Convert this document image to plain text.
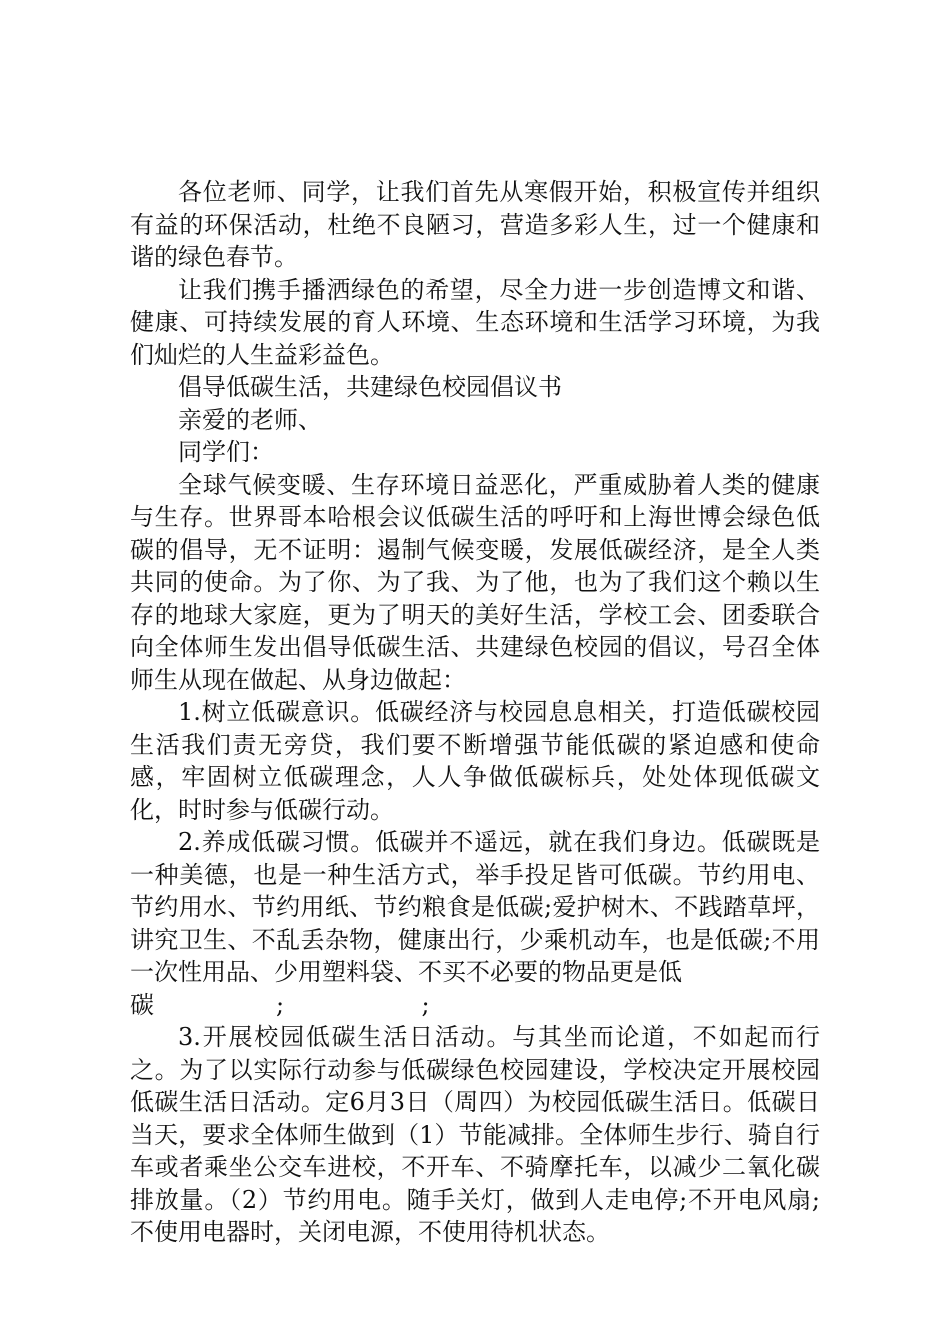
各位老师、同学，让我们首先从寒假开始，积极宣传并组织有益的环保活动，杜绝不良陋习，营造多彩人生，过一个健康和谐的绿色春节。

让我们携手播洒绿色的希望，尽全力进一步创造博文和谐、健康、可持续发展的育人环境、生态环境和生活学习环境，为我们灿烂的人生益彩益色。

倡导低碳生活，共建绿色校园倡议书

亲爱的老师、

同学们：

全球气候变暖、生存环境日益恶化，严重威胁着人类的健康与生存。世界哥本哈根会议低碳生活的呼吁和上海世博会绿色低碳的倡导，无不证明：遏制气候变暖，发展低碳经济，是全人类共同的使命。为了你、为了我、为了他，也为了我们这个赖以生存的地球大家庭，更为了明天的美好生活，学校工会、团委联合向全体师生发出倡导低碳生活、共建绿色校园的倡议，号召全体师生从现在做起、从身边做起：

1.树立低碳意识。低碳经济与校园息息相关，打造低碳校园生活我们责无旁贷，我们要不断增强节能低碳的紧迫感和使命感，牢固树立低碳理念，人人争做低碳标兵，处处体现低碳文化，时时参与低碳行动。

2.养成低碳习惯。低碳并不遥远，就在我们身边。低碳既是一种美德，也是一种生活方式，举手投足皆可低碳。节约用电、节约用水、节约用纸、节约粮食是低碳;爱护树木、不践踏草坪，讲究卫生、不乱丢杂物，健康出行，少乘机动车，也是低碳;不用一次性用品、少用塑料袋、不买不必要的物品更是低

碳                ;                  ;

3.开展校园低碳生活日活动。与其坐而论道，不如起而行之。为了以实际行动参与低碳绿色校园建设，学校决定开展校园低碳生活日活动。定6月3日（周四）为校园低碳生活日。低碳日当天，要求全体师生做到（1）节能减排。全体师生步行、骑自行车或者乘坐公交车进校，不开车、不骑摩托车，以减少二氧化碳排放量。（2）节约用电。随手关灯，做到人走电停;不开电风扇;不使用电器时，关闭电源，不使用待机状态。
